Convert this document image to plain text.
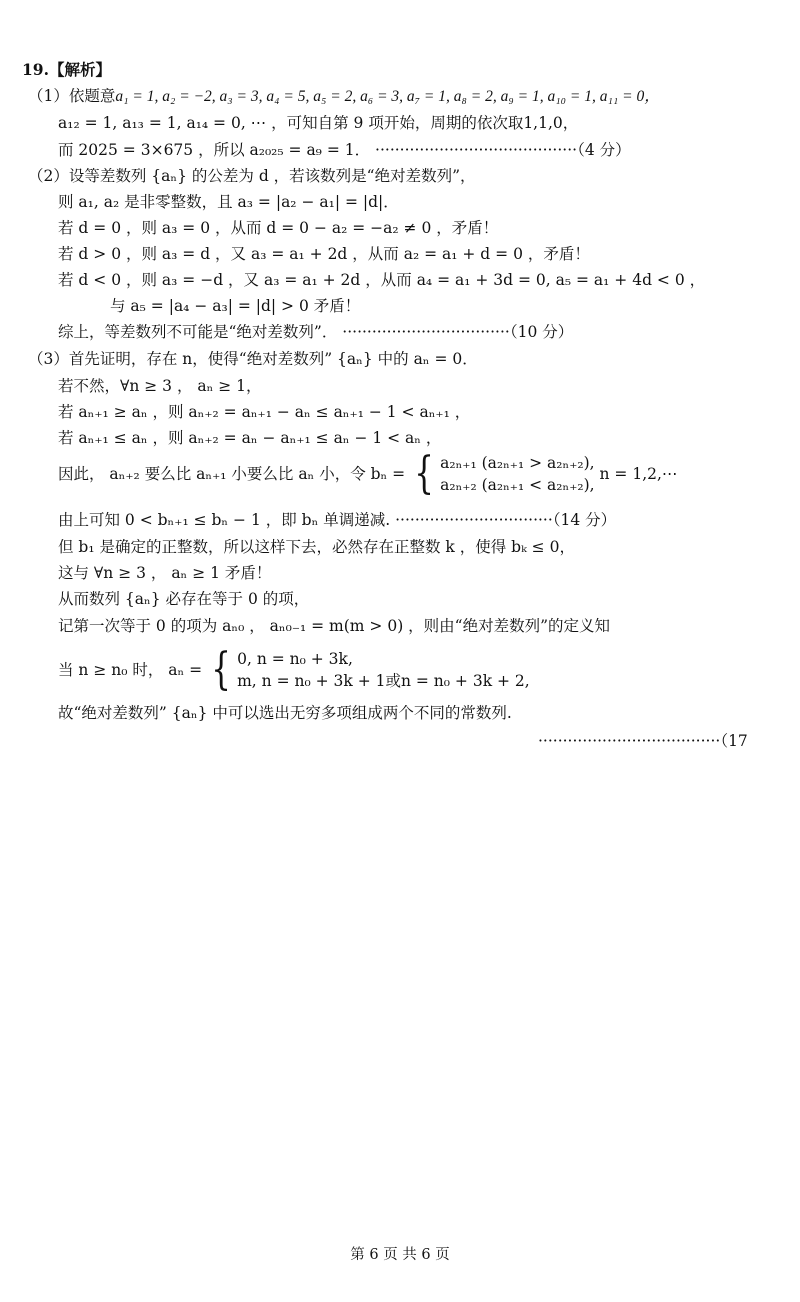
19.【解析】
（1）依题意a₁ = 1, a₂ = −2, a₃ = 3, a₄ = 5, a₅ = 2, a₆ = 3, a₇ = 1, a₈ = 2, a₉ = 1, a₁₀ = 1, a₁₁ = 0，
a₁₂ = 1, a₁₃ = 1, a₁₄ = 0, ⋯ ，可知自第 9 项开始，周期的依次取1,1,0，
而 2025 = 3×675 ，所以 a₂₀₂₅ = a₉ = 1． ·········································（4 分）
（2）设等差数列 {aₙ} 的公差为 d ，若该数列是“绝对差数列”，
则 a₁, a₂ 是非零整数，且 a₃ = |a₂ − a₁| = |d|．
若 d = 0 ，则 a₃ = 0 ，从而 d = 0 − a₂ = −a₂ ≠ 0 ，矛盾！
若 d > 0 ，则 a₃ = d ，又 a₃ = a₁ + 2d ，从而 a₂ = a₁ + d = 0 ，矛盾！
若 d < 0 ，则 a₃ = −d ，又 a₃ = a₁ + 2d ，从而 a₄ = a₁ + 3d = 0, a₅ = a₁ + 4d < 0 ，
与 a₅ = |a₄ − a₃| = |d| > 0 矛盾！
综上，等差数列不可能是“绝对差数列”． ··································（10 分）
（3）首先证明，存在 n，使得“绝对差数列” {aₙ} 中的 aₙ = 0．
若不然，∀n ≥ 3 ， aₙ ≥ 1，
若 aₙ₊₁ ≥ aₙ ，则 aₙ₊₂ = aₙ₊₁ − aₙ ≤ aₙ₊₁ − 1 < aₙ₊₁ ，
若 aₙ₊₁ ≤ aₙ ，则 aₙ₊₂ = aₙ − aₙ₊₁ ≤ aₙ − 1 < aₙ ，
因此， aₙ₊₂ 要么比 aₙ₊₁ 小要么比 aₙ 小，令 bₙ = { a₂ₙ₊₁ (a₂ₙ₊₁ > a₂ₙ₊₂),
a₂ₙ₊₂ (a₂ₙ₊₁ < a₂ₙ₊₂),
n = 1,2,⋯
由上可知 0 < bₙ₊₁ ≤ bₙ − 1 ，即 bₙ 单调递减. ································（14 分）
但 b₁ 是确定的正整数，所以这样下去，必然存在正整数 k ，使得 bₖ ≤ 0，
这与 ∀n ≥ 3 ， aₙ ≥ 1 矛盾！
从而数列 {aₙ} 必存在等于 0 的项，
记第一次等于 0 的项为 aₙ₀ ， aₙ₀₋₁ = m(m > 0) ，则由“绝对差数列”的定义知
当 n ≥ n₀ 时， aₙ = { 0, n = n₀ + 3k,
m, n = n₀ + 3k + 1或n = n₀ + 3k + 2,
故“绝对差数列” {aₙ} 中可以选出无穷多项组成两个不同的常数列.
·····································（17
第 6 页 共 6 页
